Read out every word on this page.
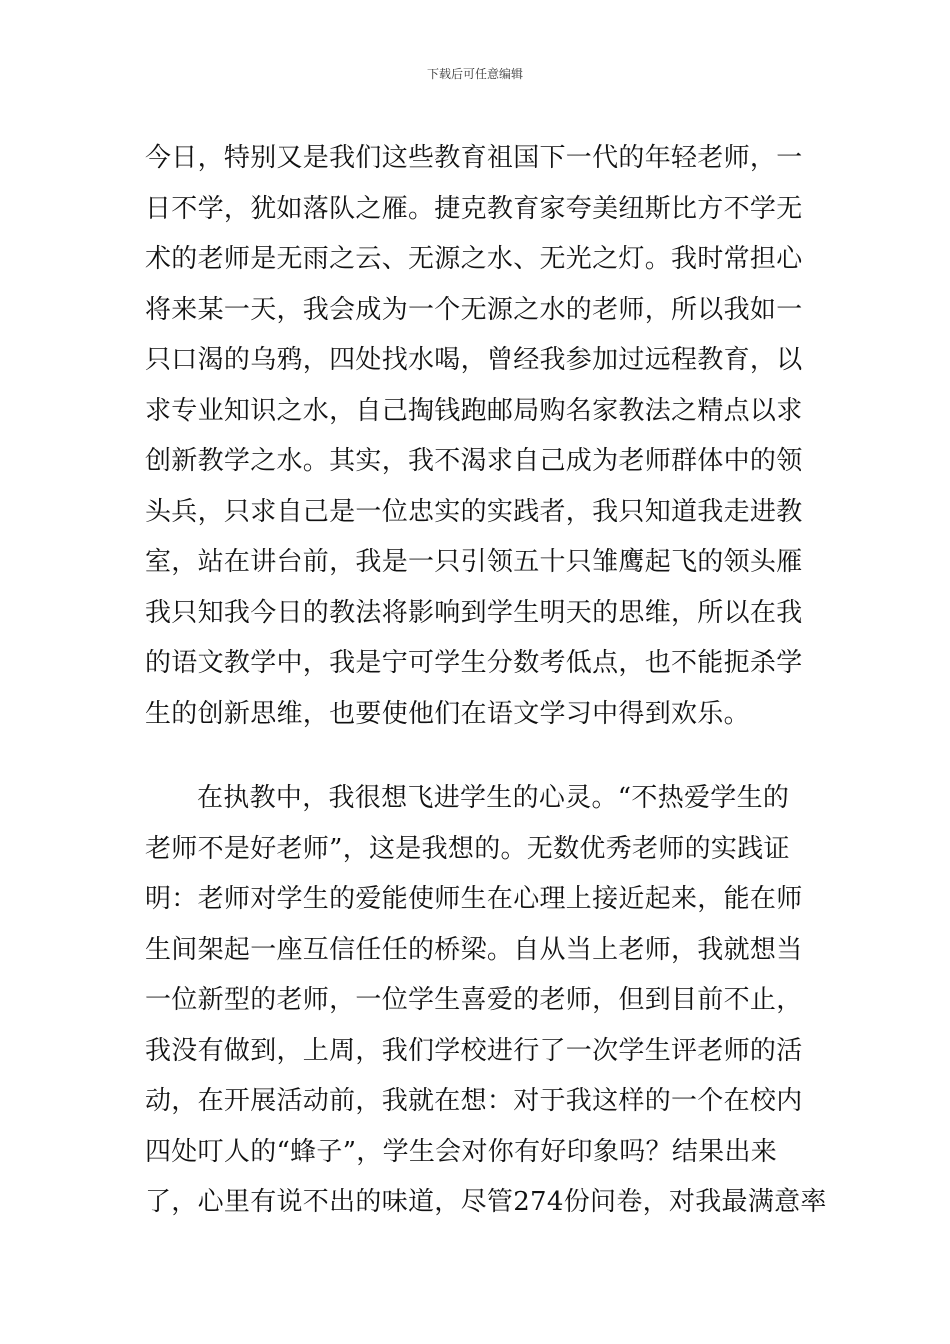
下载后可任意编辑
今日，特别又是我们这些教育祖国下一代的年轻老师，一
日不学，犹如落队之雁。捷克教育家夸美纽斯比方不学无
术的老师是无雨之云、无源之水、无光之灯。我时常担心
将来某一天，我会成为一个无源之水的老师，所以我如一
只口渴的乌鸦，四处找水喝，曾经我参加过远程教育，以
求专业知识之水，自己掏钱跑邮局购名家教法之精点以求
创新教学之水。其实，我不渴求自己成为老师群体中的领
头兵，只求自己是一位忠实的实践者，我只知道我走进教
室，站在讲台前，我是一只引领五十只雏鹰起飞的领头雁
我只知我今日的教法将影响到学生明天的思维，所以在我
的语文教学中，我是宁可学生分数考低点，也不能扼杀学
生的创新思维，也要使他们在语文学习中得到欢乐。
在执教中，我很想飞进学生的心灵。“不热爱学生的
老师不是好老师”，这是我想的。无数优秀老师的实践证
明：老师对学生的爱能使师生在心理上接近起来，能在师
生间架起一座互信任任的桥梁。自从当上老师，我就想当
一位新型的老师，一位学生喜爱的老师，但到目前不止，
我没有做到，上周，我们学校进行了一次学生评老师的活
动，在开展活动前，我就在想：对于我这样的一个在校内
四处叮人的“蜂子”，学生会对你有好印象吗？结果出来
了，心里有说不出的味道，尽管274份问卷，对我最满意率
